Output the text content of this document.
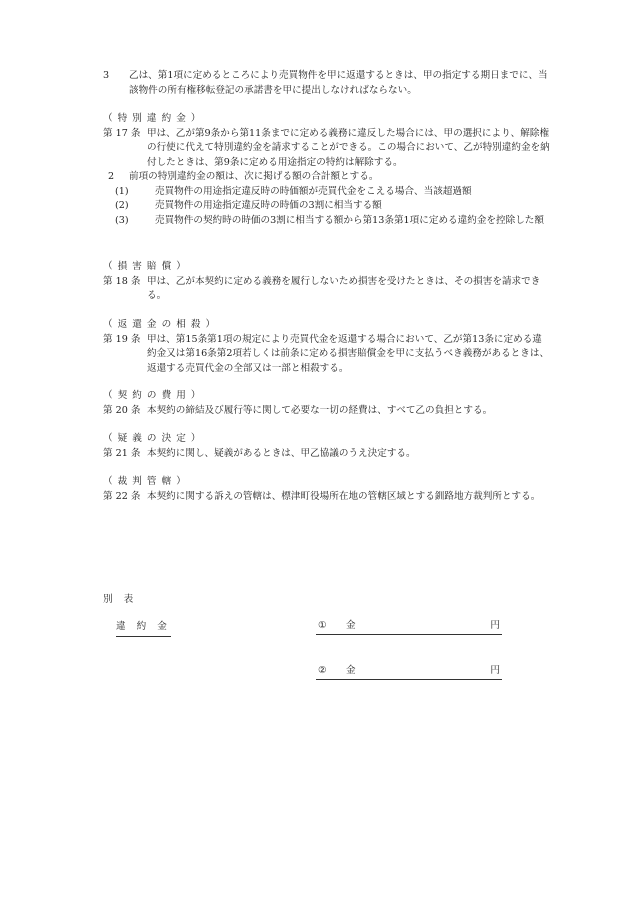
3 乙は、第1項に定めるところにより売買物件を甲に返還するときは、甲の指定する期日までに、当該物件の所有権移転登記の承諾書を甲に提出しなければならない。
（ 特 別 違 約 金 ）
第 17 条 甲は、乙が第9条から第11条までに定める義務に違反した場合には、甲の選択により、解除権の行使に代えて特別違約金を請求することができる。この場合において、乙が特別違約金を納付したときは、第9条に定める用途指定の特約は解除する。
2 前項の特別違約金の額は、次に掲げる額の合計額とする。
(1)	売買物件の用途指定違反時の時価額が売買代金をこえる場合、当該超過額
(2)	売買物件の用途指定違反時の時価の3割に相当する額
(3)	売買物件の契約時の時価の3割に相当する額から第13条第1項に定める違約金を控除した額
（ 損 害 賠 償 ）
第 18 条 甲は、乙が本契約に定める義務を履行しないため損害を受けたときは、その損害を請求できる。
（ 返 還 金 の 相 殺 ）
第 19 条 甲は、第15条第1項の規定により売買代金を返還する場合において、乙が第13条に定める違約金又は第16条第2項若しくは前条に定める損害賠償金を甲に支払うべき義務があるときは、返還する売買代金の全部又は一部と相殺する。
（ 契 約 の 費 用 ）
第 20 条 本契約の締結及び履行等に関して必要な一切の経費は、すべて乙の負担とする。
（ 疑 義 の 決 定 ）
第 21 条 本契約に関し、疑義があるときは、甲乙協議のうえ決定する。
（ 裁 判 管 轄 ）
第 22 条 本契約に関する訴えの管轄は、標津町役場所在地の管轄区域とする釧路地方裁判所とする。
別 表
違 約 金	① 金	円
② 金	円
